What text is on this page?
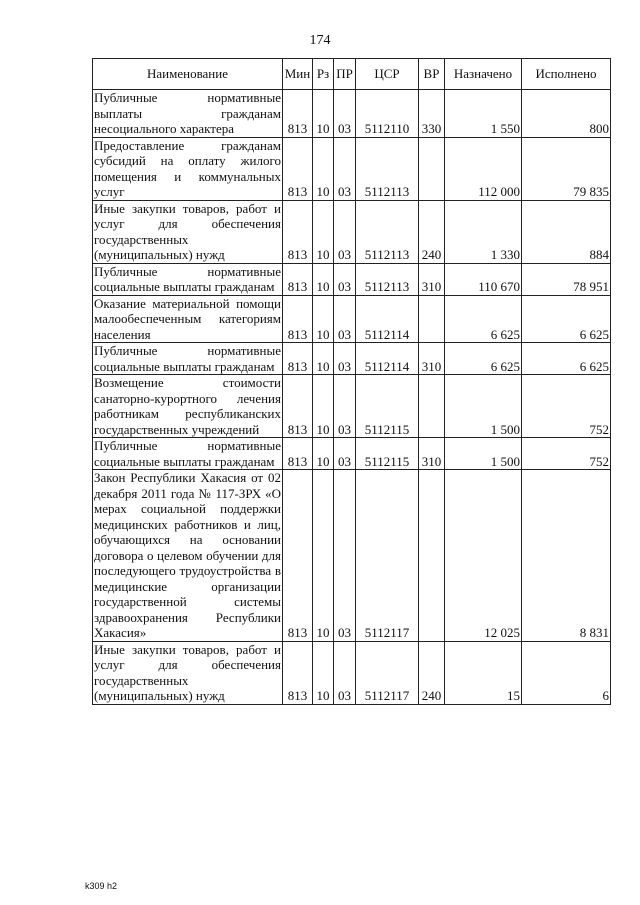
174
Наименование	Мин	Рз	ПР	ЦСР	ВР	Назначено	Исполнено
Публичные нормативные выплаты гражданам несоциального характера	813	10	03	5112110	330	1 550	800
Предоставление гражданам субсидий на оплату жилого помещения и коммунальных услуг	813	10	03	5112113		112 000	79 835
Иные закупки товаров, работ и услуг для обеспечения государственных (муниципальных) нужд	813	10	03	5112113	240	1 330	884
Публичные нормативные социальные выплаты гражданам	813	10	03	5112113	310	110 670	78 951
Оказание материальной помощи малообеспеченным категориям населения	813	10	03	5112114		6 625	6 625
Публичные нормативные социальные выплаты гражданам	813	10	03	5112114	310	6 625	6 625
Возмещение стоимости санаторно-курортного лечения работникам республиканских государственных учреждений	813	10	03	5112115		1 500	752
Публичные нормативные социальные выплаты гражданам	813	10	03	5112115	310	1 500	752
Закон Республики Хакасия от 02 декабря 2011 года № 117-ЗРХ «О мерах социальной поддержки медицинских работников и лиц, обучающихся на основании договора о целевом обучении для последующего трудоустройства в медицинские организации государственной системы здравоохранения Республики Хакасия»	813	10	03	5112117		12 025	8 831
Иные закупки товаров, работ и услуг для обеспечения государственных (муниципальных) нужд	813	10	03	5112117	240	15	6
k309 h2
